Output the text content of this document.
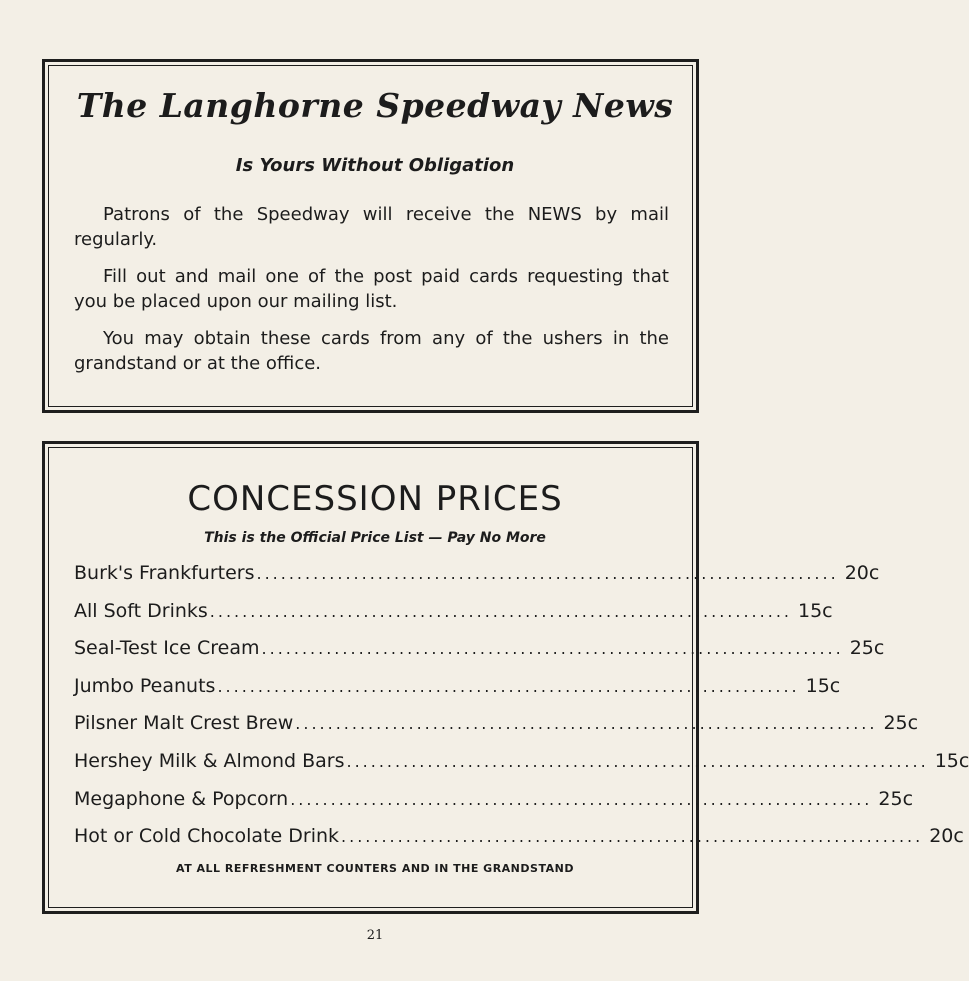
The Langhorne Speedway News
Is Yours Without Obligation
Patrons of the Speedway will receive the NEWS by mail regularly.
Fill out and mail one of the post paid cards requesting that you be placed upon our mailing list.
You may obtain these cards from any of the ushers in the grandstand or at the office.
CONCESSION PRICES
This is the Official Price List — Pay No More
Burk's Frankfurters ........................................................................ 20c
All Soft Drinks ........................................................................ 15c
Seal-Test Ice Cream ........................................................................ 25c
Jumbo Peanuts ........................................................................ 15c
Pilsner Malt Crest Brew ........................................................................ 25c
Hershey Milk & Almond Bars ........................................................................ 15c
Megaphone & Popcorn ........................................................................ 25c
Hot or Cold Chocolate Drink ........................................................................ 20c
AT ALL REFRESHMENT COUNTERS AND IN THE GRANDSTAND
21
